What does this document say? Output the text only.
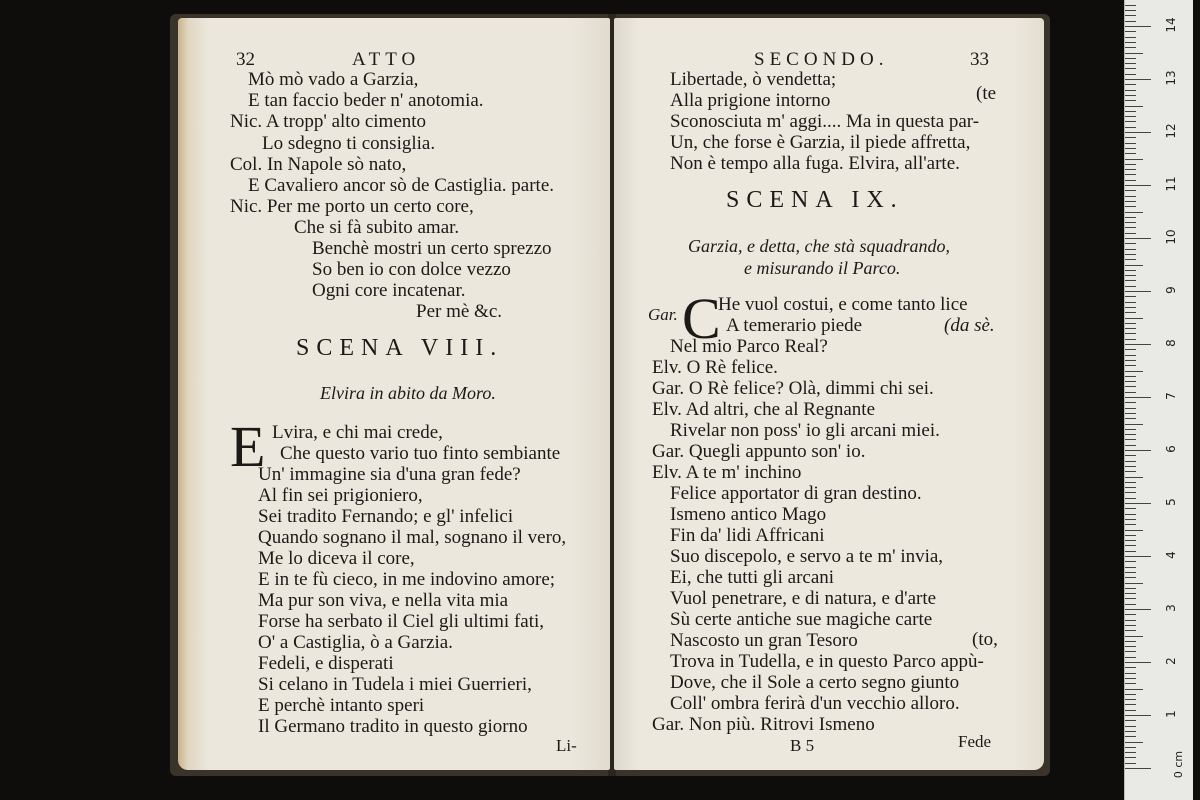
32	ATTO
Mò mò vado a Garzia,
E tan faccio beder n' anotomia.
Nic. A tropp' alto cimento
Lo sdegno ti consiglia.
Col. In Napole sò nato,
E Cavaliero ancor sò de Castiglia. parte.
Nic. Per me porto un certo core,
Che si fà subito amar.
Benchè mostri un certo sprezzo
So ben io con dolce vezzo
Ogni core incatenar.
Per mè &c.
SCENA VIII.
Elvira in abito da Moro.
E Lvira, e chi mai crede,
Che questo vario tuo finto sembiante
Un' immagine sia d'una gran fede?
Al fin sei prigioniero,
Sei tradito Fernando; e gl' infelici
Quando sognano il mal, sognano il vero,
Me lo diceva il core,
E in te fù cieco, in me indovino amore;
Ma pur son viva, e nella vita mia
Forse ha serbato il Ciel gli ultimi fati,
O' a Castiglia, ò a Garzia.
Fedeli, e disperati
Si celano in Tudela i miei Guerrieri,
E perchè intanto speri
Il Germano tradito in questo giorno
Li-
SECONDO.	33
Libertade, ò vendetta;
Alla prigione intorno	(te
Sconosciuta m' aggi.... Ma in questa par-
Un, che forse è Garzia, il piede affretta,
Non è tempo alla fuga. Elvira, all'arte.
SCENA IX.
Garzia, e detta, che stà squadrando,
e misurando il Parco.
Gar. C
He vuol costui, e come tanto lice
A temerario piede	(da sè.
Nel mio Parco Real?
Elv. O Rè felice.
Gar. O Rè felice? Olà, dimmi chi sei.
Elv. Ad altri, che al Regnante
Rivelar non poss' io gli arcani miei.
Gar. Quegli appunto son' io.
Elv. A te m' inchino
Felice apportator di gran destino.
Ismeno antico Mago
Fin da' lidi Affricani
Suo discepolo, e servo a te m' invia,
Ei, che tutti gli arcani
Vuol penetrare, e di natura, e d'arte
Sù certe antiche sue magiche carte
Nascosto un gran Tesoro
Trova in Tudella, e in questo Parco appù-
Dove, che il Sole a certo segno giunto
Coll' ombra ferirà d'un vecchio alloro.
Gar. Non più. Ritrovi Ismeno
(to,
B 5	Fede
1
2
3
4
5
6
7
8
9
10
11
12
13
14
0 cm
